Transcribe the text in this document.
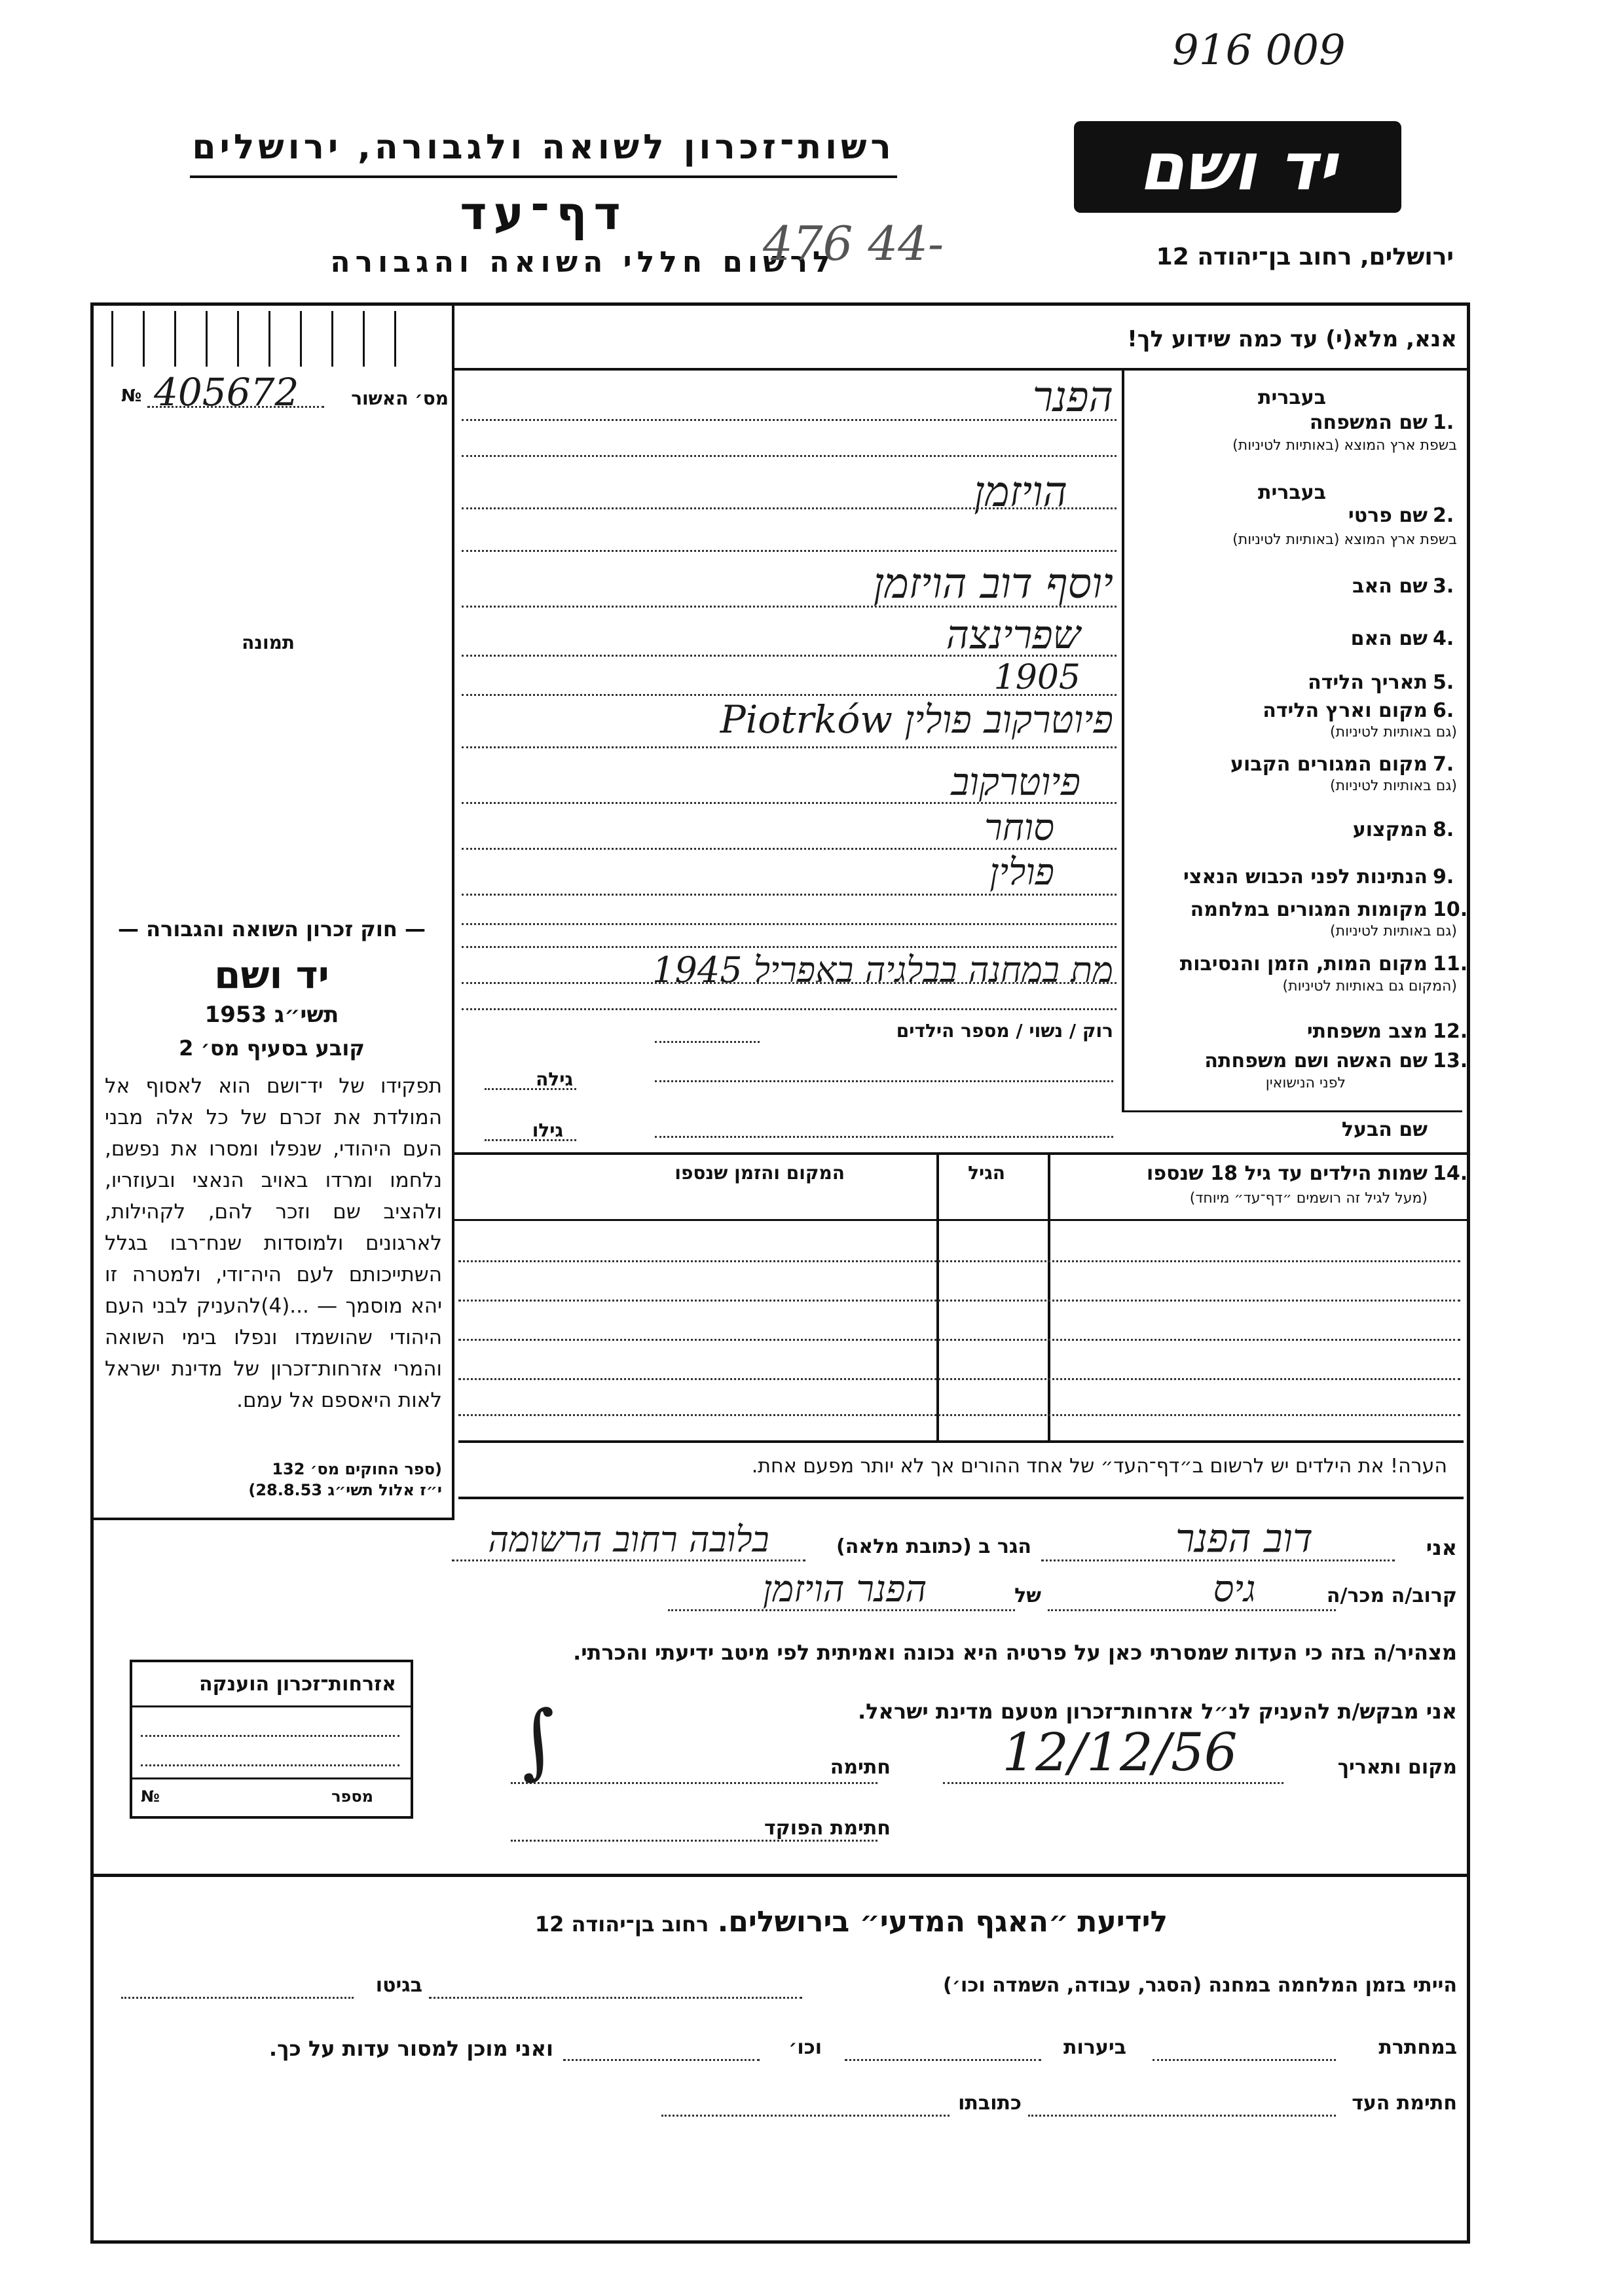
916 009
רשות־זכרון לשואה ולגבורה, ירושלים
דף־עד
לרשום חללי השואה והגבורה
476 44-
יד ושם
ירושלים, רחוב בן־יהודה 12
אנא, מלא(י) עד כמה שידוע לך!
№ 405672	מס׳ האשור
תמונה
בעברית
1.
שם המשפחה
בשפת ארץ המוצא (באותיות לטיניות)
הפנר
בעברית
2.
שם פרטי
בשפת ארץ המוצא (באותיות לטיניות)
הויזמן
3.
שם האב
יוסף דוב הויזמן
4.
שם האם
שפרינצה
5.
תאריך הלידה
1905
6.
מקום וארץ הלידה
(גם באותיות לטיניות)
פיוטרקוב פולין Piotrków
7.
מקום המגורים הקבוע
(גם באותיות לטיניות)
פיוטרקוב
8.
המקצוע
סוחר
9.
הנתינות לפני הכבוש הנאצי
פולין
10.
מקומות המגורים במלחמה
(גם באותיות לטיניות)
11.
מקום המות, הזמן והנסיבות
(המקום גם באותיות לטיניות)
מת במחנה בבלגיה באפריל 1945
12.
מצב משפחתי
רוק / נשוי / מספר הילדים
13.
שם האשה ושם משפחתה
לפני הנישואין
גילה
שם הבעל
גילו
14.
שמות הילדים עד גיל 18 שנספו
(מעל לגיל זה רושמים ״דף־עד״ מיוחד)
הגיל
המקום והזמן שנספו
הערה! את הילדים יש לרשום ב״דף־העד״ של אחד ההורים אך לא יותר מפעם אחת.
— חוק זכרון השואה והגבורה —
יד ושם
תשי״ג 1953
קובע בסעיף מס׳ 2
תפקידו של יד־ושם הוא לאסוף אל המולדת את זכרם של כל אלה מבני העם היהודי, שנפלו ומסרו את נפשם, נלחמו ומרדו באויב הנאצי ובעוזריו, ולהציב שם וזכר להם, לקהילות, לארגונים ולמוסדות שנח־רבו בגלל השתייכותם לעם היה־ודי, ולמטרה זו יהא מוסמך — ...(4)להעניק לבני העם היהודי שהושמדו ונפלו בימי השואה והמרי אזרחות־זכרון של מדינת ישראל לאות היאספם אל עמם.
(ספר החוקים מס׳ 132
י״ז אלול תשי״ג 28.8.53)
אני
דוב הפנר
הגר ב (כתובת מלאה)
בלובה רחוב הרשומה
קרוב/ה מכר/ה
גיס
של
הפנר הויזמן
מצהיר/ה בזה כי העדות שמסרתי כאן על פרטיה היא נכונה ואמיתית לפי מיטב ידיעתי והכרתי.
אני מבקש/ת להעניק לנ״ל אזרחות־זכרון מטעם מדינת ישראל.
מקום ותאריך
12/12/56
חתימה
∫
חתימת הפוקד
אזרחות־זכרון הוענקה
מספר
№
לידיעת ״האגף המדעי״ בירושלים. רחוב בן־יהודה 12
הייתי בזמן המלחמה במחנה (הסגר, עבודה, השמדה וכו׳)
בגיטו
במחתרת
ביערות
וכו׳
ואני מוכן למסור עדות על כך.
חתימת העד
כתובתו
